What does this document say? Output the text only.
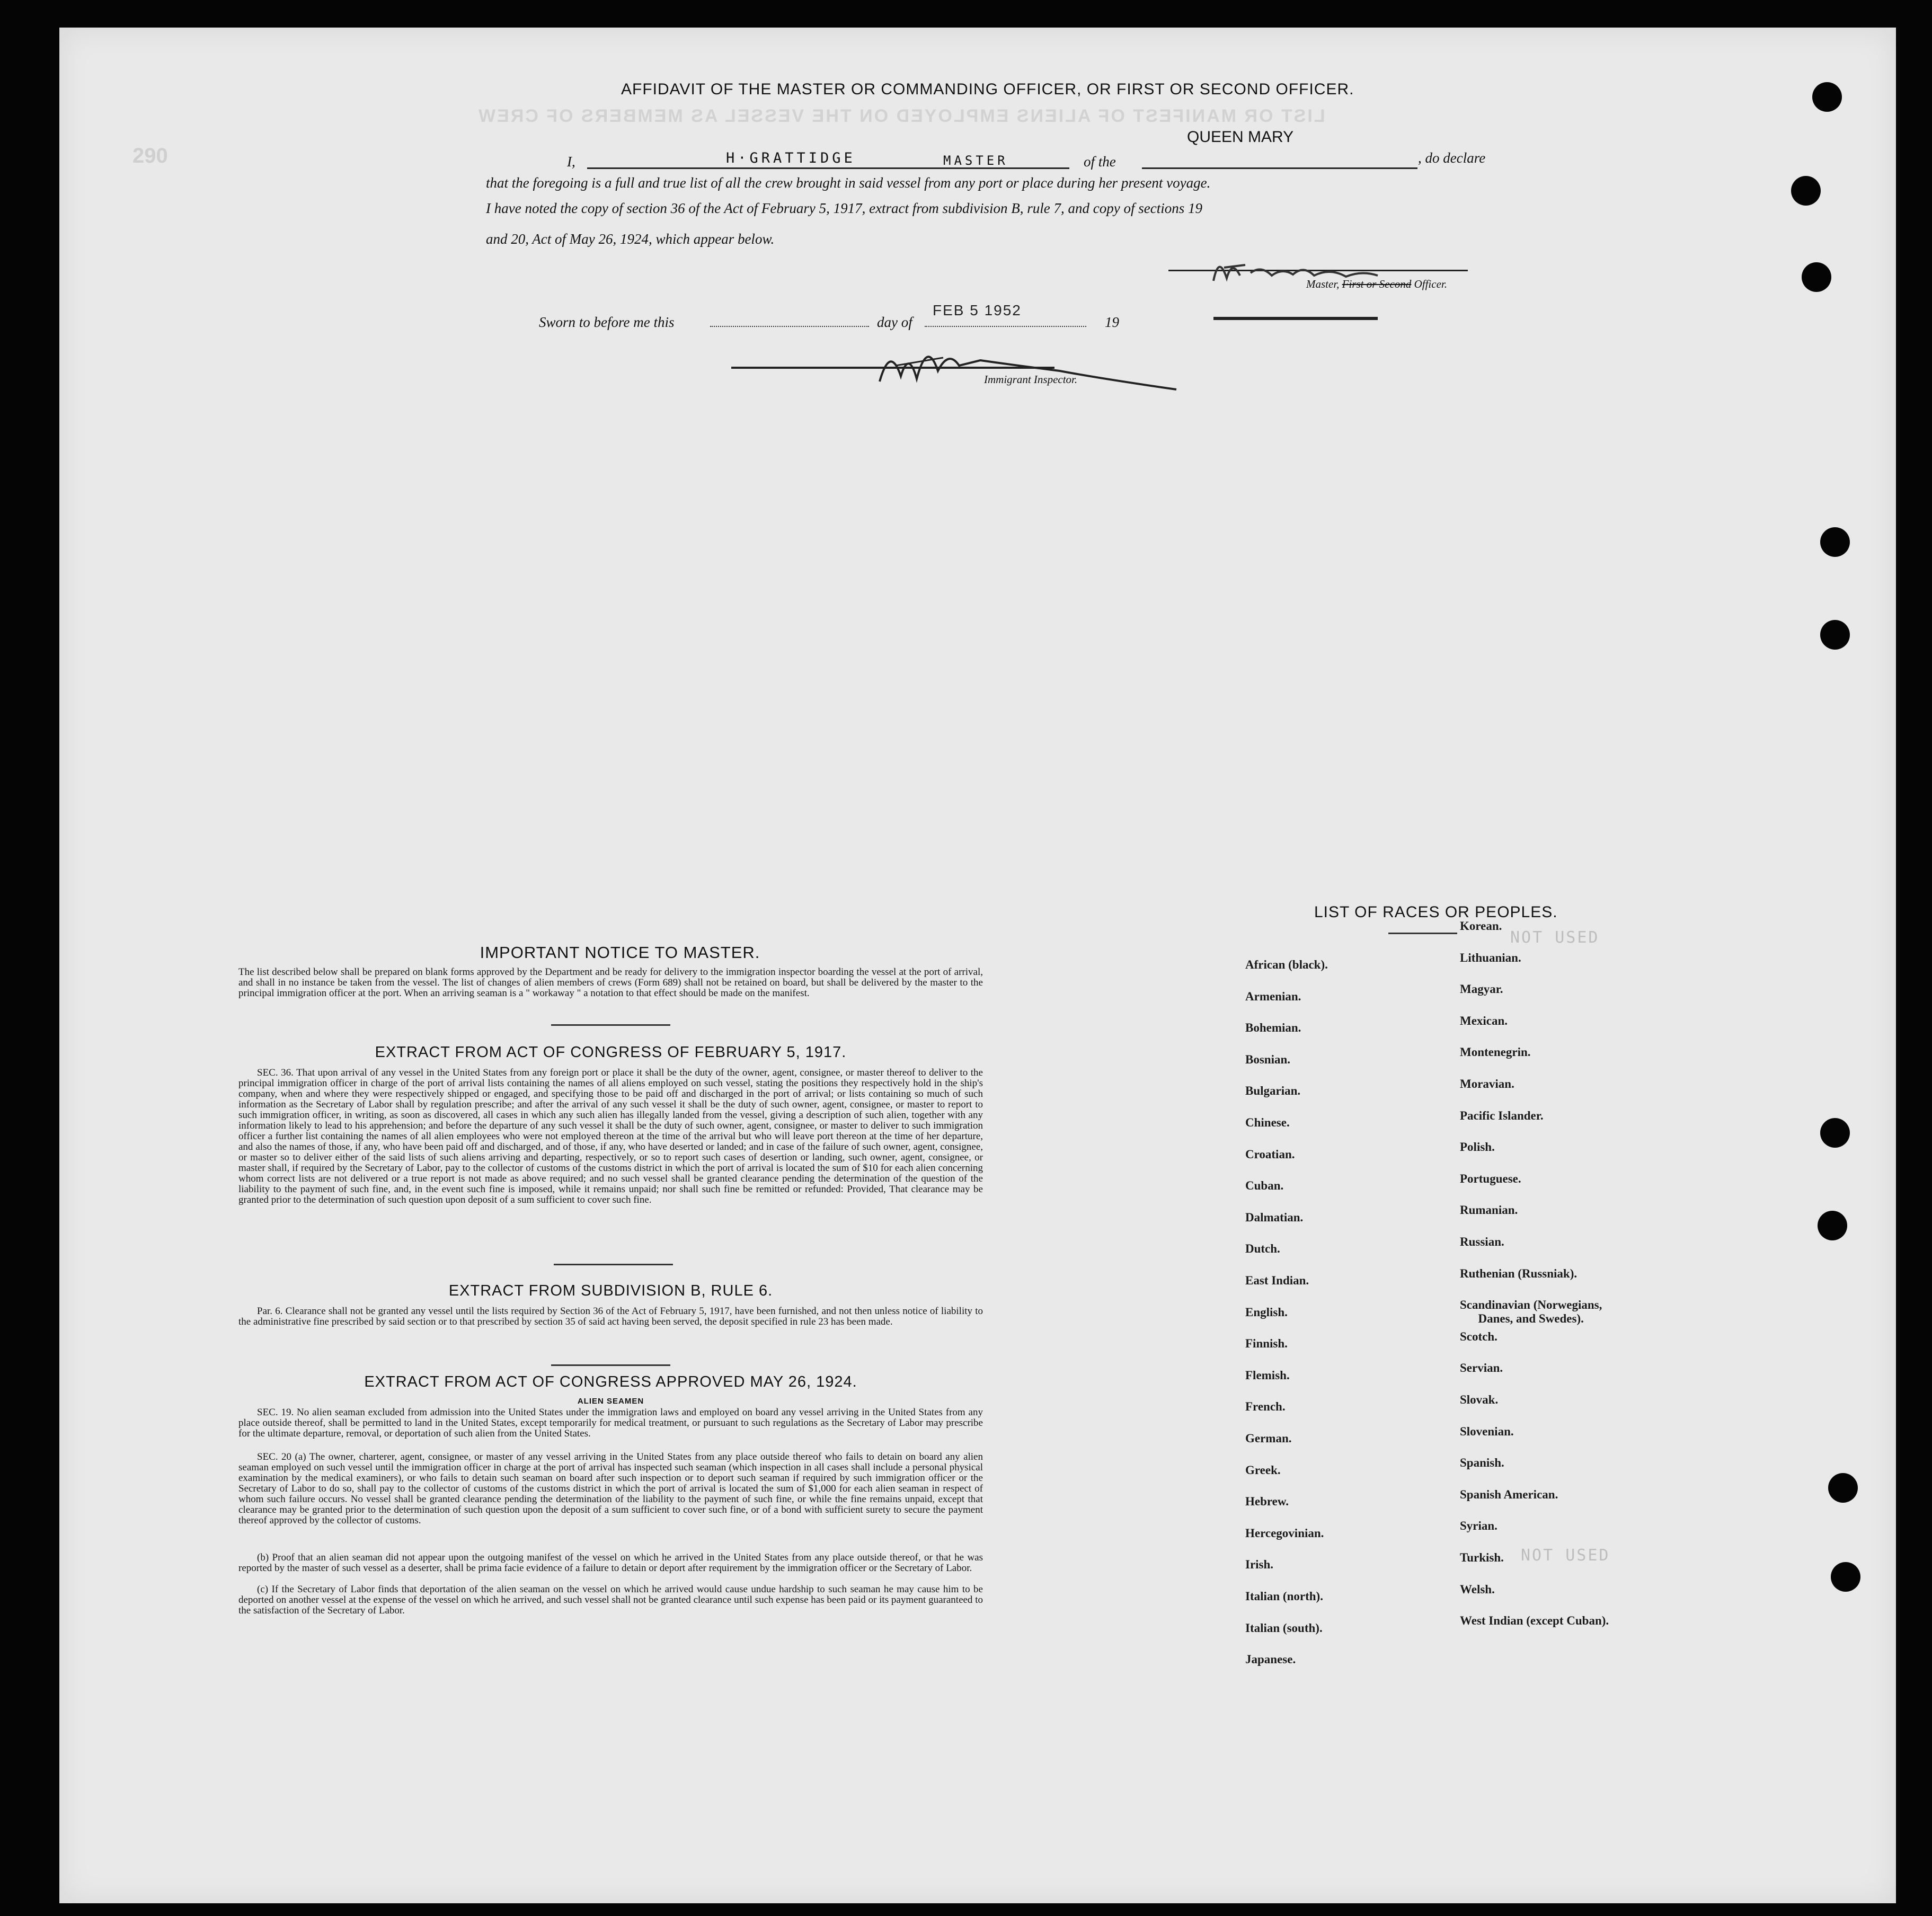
LIST OR MANIFEST OF ALIENS EMPLOYED ON THE VESSEL AS MEMBERS OF CREW
290
NOT USED
NOT USED
AFFIDAVIT OF THE MASTER OR COMMANDING OFFICER, OR FIRST OR SECOND OFFICER.
I,	H·GRATTIDGE	MASTER	of the
QUEEN MARY
, do declare
that the foregoing is a full and true list of all the crew brought in said vessel from any port or place during her present voyage.
I have noted the copy of section 36 of the Act of February 5, 1917, extract from subdivision B, rule 7, and copy of sections 19
and 20, Act of May 26, 1924, which appear below.
Master, First or Second Officer.
Sworn to before me this	day of
FEB 5 1952
19
Immigrant Inspector.
IMPORTANT NOTICE TO MASTER.
The list described below shall be prepared on blank forms approved by the Department and be ready for delivery to the immigration inspector boarding the vessel at the port of arrival, and shall in no instance be taken from the vessel. The list of changes of alien members of crews (Form 689) shall not be retained on board, but shall be delivered by the master to the principal immigration officer at the port. When an arriving seaman is a " workaway " a notation to that effect should be made on the manifest.
EXTRACT FROM ACT OF CONGRESS OF FEBRUARY 5, 1917.
SEC. 36. That upon arrival of any vessel in the United States from any foreign port or place it shall be the duty of the owner, agent, consignee, or master thereof to deliver to the principal immigration officer in charge of the port of arrival lists containing the names of all aliens employed on such vessel, stating the positions they respectively hold in the ship's company, when and where they were respectively shipped or engaged, and specifying those to be paid off and discharged in the port of arrival; or lists containing so much of such information as the Secretary of Labor shall by regulation prescribe; and after the arrival of any such vessel it shall be the duty of such owner, agent, consignee, or master to report to such immigration officer, in writing, as soon as discovered, all cases in which any such alien has illegally landed from the vessel, giving a description of such alien, together with any information likely to lead to his apprehension; and before the departure of any such vessel it shall be the duty of such owner, agent, consignee, or master to deliver to such immigration officer a further list containing the names of all alien employees who were not employed thereon at the time of the arrival but who will leave port thereon at the time of her departure, and also the names of those, if any, who have been paid off and discharged, and of those, if any, who have deserted or landed; and in case of the failure of such owner, agent, consignee, or master so to deliver either of the said lists of such aliens arriving and departing, respectively, or so to report such cases of desertion or landing, such owner, agent, consignee, or master shall, if required by the Secretary of Labor, pay to the collector of customs of the customs district in which the port of arrival is located the sum of $10 for each alien concerning whom correct lists are not delivered or a true report is not made as above required; and no such vessel shall be granted clearance pending the determination of the question of the liability to the payment of such fine, and, in the event such fine is imposed, while it remains unpaid; nor shall such fine be remitted or refunded: Provided, That clearance may be granted prior to the determination of such question upon deposit of a sum sufficient to cover such fine.
EXTRACT FROM SUBDIVISION B, RULE 6.
Par. 6. Clearance shall not be granted any vessel until the lists required by Section 36 of the Act of February 5, 1917, have been furnished, and not then unless notice of liability to the administrative fine prescribed by said section or to that prescribed by section 35 of said act having been served, the deposit specified in rule 23 has been made.
EXTRACT FROM ACT OF CONGRESS APPROVED MAY 26, 1924.
ALIEN SEAMEN
SEC. 19. No alien seaman excluded from admission into the United States under the immigration laws and employed on board any vessel arriving in the United States from any place outside thereof, shall be permitted to land in the United States, except temporarily for medical treatment, or pursuant to such regulations as the Secretary of Labor may prescribe for the ultimate departure, removal, or deportation of such alien from the United States.
SEC. 20 (a) The owner, charterer, agent, consignee, or master of any vessel arriving in the United States from any place outside thereof who fails to detain on board any alien seaman employed on such vessel until the immigration officer in charge at the port of arrival has inspected such seaman (which inspection in all cases shall include a personal physical examination by the medical examiners), or who fails to detain such seaman on board after such inspection or to deport such seaman if required by such immigration officer or the Secretary of Labor to do so, shall pay to the collector of customs of the customs district in which the port of arrival is located the sum of $1,000 for each alien seaman in respect of whom such failure occurs. No vessel shall be granted clearance pending the determination of the liability to the payment of such fine, or while the fine remains unpaid, except that clearance may be granted prior to the determination of such question upon the deposit of a sum sufficient to cover such fine, or of a bond with sufficient surety to secure the payment thereof approved by the collector of customs.
(b) Proof that an alien seaman did not appear upon the outgoing manifest of the vessel on which he arrived in the United States from any place outside thereof, or that he was reported by the master of such vessel as a deserter, shall be prima facie evidence of a failure to detain or deport after requirement by the immigration officer or the Secretary of Labor.
(c) If the Secretary of Labor finds that deportation of the alien seaman on the vessel on which he arrived would cause undue hardship to such seaman he may cause him to be deported on another vessel at the expense of the vessel on which he arrived, and such vessel shall not be granted clearance until such expense has been paid or its payment guaranteed to the satisfaction of the Secretary of Labor.
LIST OF RACES OR PEOPLES.
African (black).
Armenian.
Bohemian.
Bosnian.
Bulgarian.
Chinese.
Croatian.
Cuban.
Dalmatian.
Dutch.
East Indian.
English.
Finnish.
Flemish.
French.
German.
Greek.
Hebrew.
Hercegovinian.
Irish.
Italian (north).
Italian (south).
Japanese.
Korean.
Lithuanian.
Magyar.
Mexican.
Montenegrin.
Moravian.
Pacific Islander.
Polish.
Portuguese.
Rumanian.
Russian.
Ruthenian (Russniak).
Scandinavian (Norwegians,
Danes, and Swedes).
Scotch.
Servian.
Slovak.
Slovenian.
Spanish.
Spanish American.
Syrian.
Turkish.
Welsh.
West Indian (except Cuban).
